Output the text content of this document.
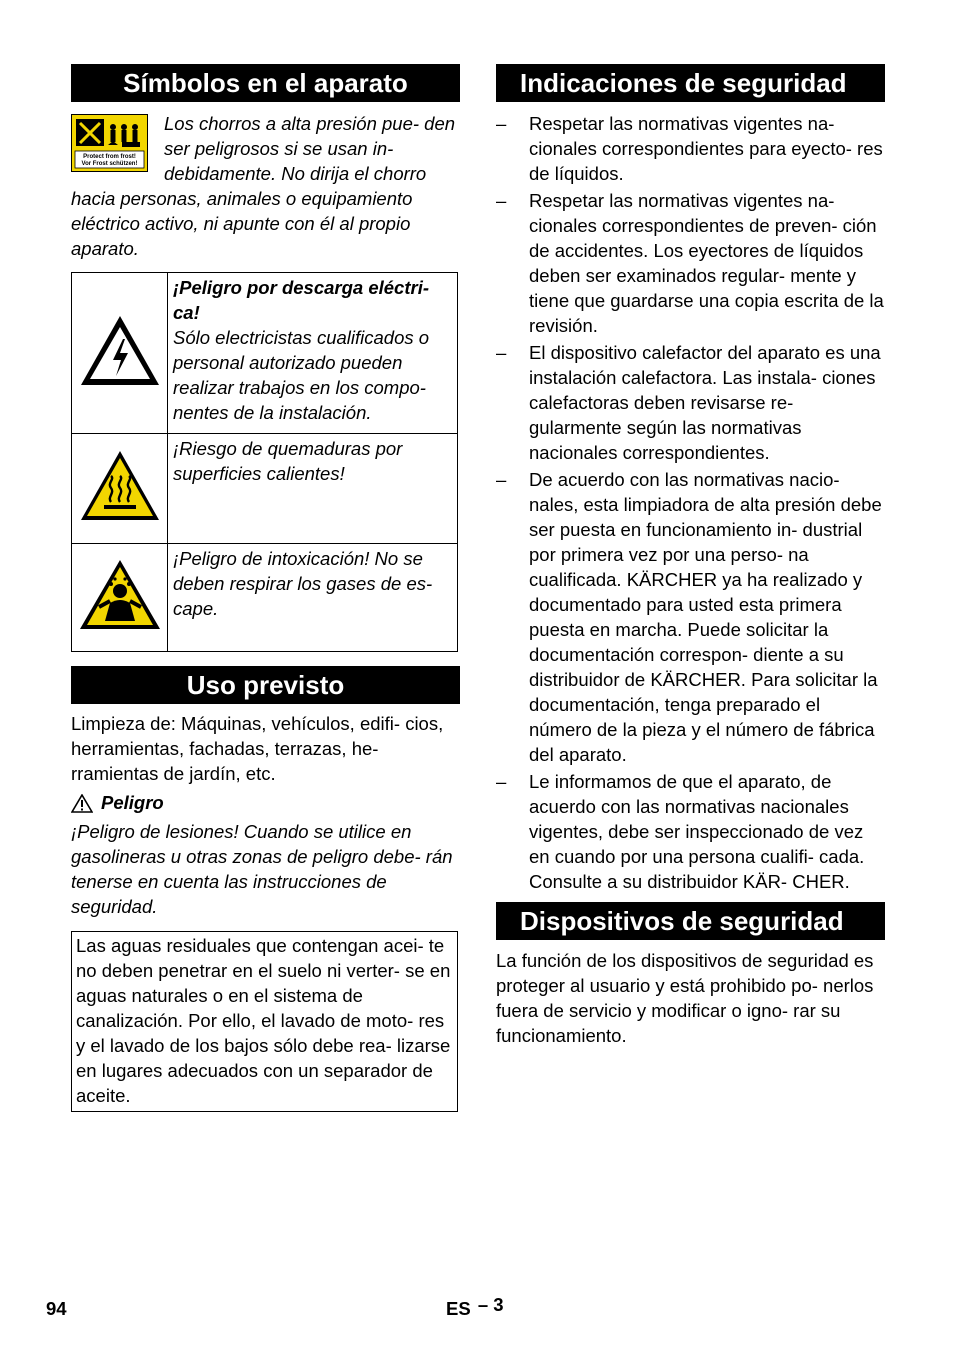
Símbolos en el aparato
Protect from frost!
Vor Frost schützen!

Los chorros a alta presión pue- den ser peligrosos si se usan in- debidamente. No dirija el chorro hacia personas, animales o equipamiento eléctrico activo, ni apunte con él al propio aparato.

¡Peligro por descarga eléctri- ca!

Sólo electricistas cualificados o personal autorizado pueden realizar trabajos en los compo- nentes de la instalación.

¡Riesgo de quemaduras por superficies calientes!

¡Peligro de intoxicación! No se deben respirar los gases de es- cape.

Uso previsto

Limpieza de: Máquinas, vehículos, edifi- cios, herramientas, fachadas, terrazas, he- rramientas de jardín, etc.

Peligro

¡Peligro de lesiones! Cuando se utilice en gasolineras u otras zonas de peligro debe- rán tenerse en cuenta las instrucciones de seguridad.

Las aguas residuales que contengan acei- te no deben penetrar en el suelo ni verter- se en aguas naturales o en el sistema de canalización. Por ello, el lavado de moto- res y el lavado de los bajos sólo debe rea- lizarse en lugares adecuados con un separador de aceite.

Indicaciones de seguridad
– Respetar las normativas vigentes na- cionales correspondientes para eyecto- res de líquidos.
– Respetar las normativas vigentes na- cionales correspondientes de preven- ción de accidentes. Los eyectores de líquidos deben ser examinados regular- mente y tiene que guardarse una copia escrita de la revisión.
– El dispositivo calefactor del aparato es una instalación calefactora. Las instala- ciones calefactoras deben revisarse re- gularmente según las normativas nacionales correspondientes.
– De acuerdo con las normativas nacio- nales, esta limpiadora de alta presión debe ser puesta en funcionamiento in- dustrial por primera vez por una perso- na cualificada. KÄRCHER ya ha realizado y documentado para usted esta primera puesta en marcha. Puede solicitar la documentación correspon- diente a su distribuidor de KÄRCHER. Para solicitar la documentación, tenga preparado el número de la pieza y el número de fábrica del aparato.
– Le informamos de que el aparato, de acuerdo con las normativas nacionales vigentes, debe ser inspeccionado de vez en cuando por una persona cualifi- cada. Consulte a su distribuidor KÄR- CHER.
Dispositivos de seguridad

La función de los dispositivos de seguridad es proteger al usuario y está prohibido po- nerlos fuera de servicio y modificar o igno- rar su funcionamiento.

94	ES – 3
